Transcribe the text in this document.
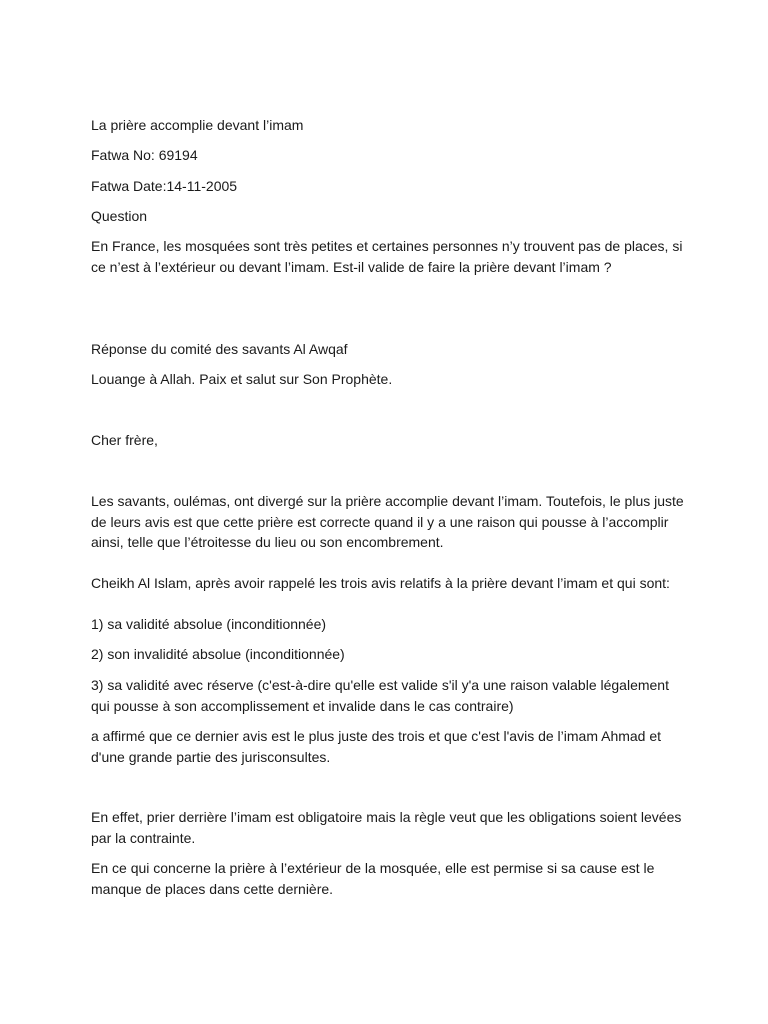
La prière accomplie devant l’imam

Fatwa No: 69194

Fatwa Date:14-11-2005

Question

En France, les mosquées sont très petites et certaines personnes n’y trouvent pas de places, si ce n’est à l’extérieur ou devant l’imam. Est-il valide de faire la prière devant l’imam ?

Réponse du comité des savants Al Awqaf

Louange à Allah. Paix et salut sur Son Prophète.

Cher frère,

Les savants, oulémas, ont divergé sur la prière accomplie devant l’imam. Toutefois, le plus juste de leurs avis est que cette prière est correcte quand il y a une raison qui pousse à l’accomplir ainsi, telle que l’étroitesse du lieu ou son encombrement.

Cheikh Al Islam, après avoir rappelé les trois avis relatifs à la prière devant l’imam et qui sont:

1) sa validité absolue (inconditionnée)

2) son invalidité absolue (inconditionnée)

3) sa validité avec réserve (c'est-à-dire qu'elle est valide s'il y'a une raison valable légalement qui pousse à son accomplissement et invalide dans le cas contraire)

a affirmé que ce dernier avis est le plus juste des trois et que c'est l'avis de l’imam Ahmad et d'une grande partie des jurisconsultes.

En effet, prier derrière l’imam est obligatoire mais la règle veut que les obligations soient levées par la contrainte.

En ce qui concerne la prière à l’extérieur de la mosquée, elle est permise si sa cause est le manque de places dans cette dernière.
